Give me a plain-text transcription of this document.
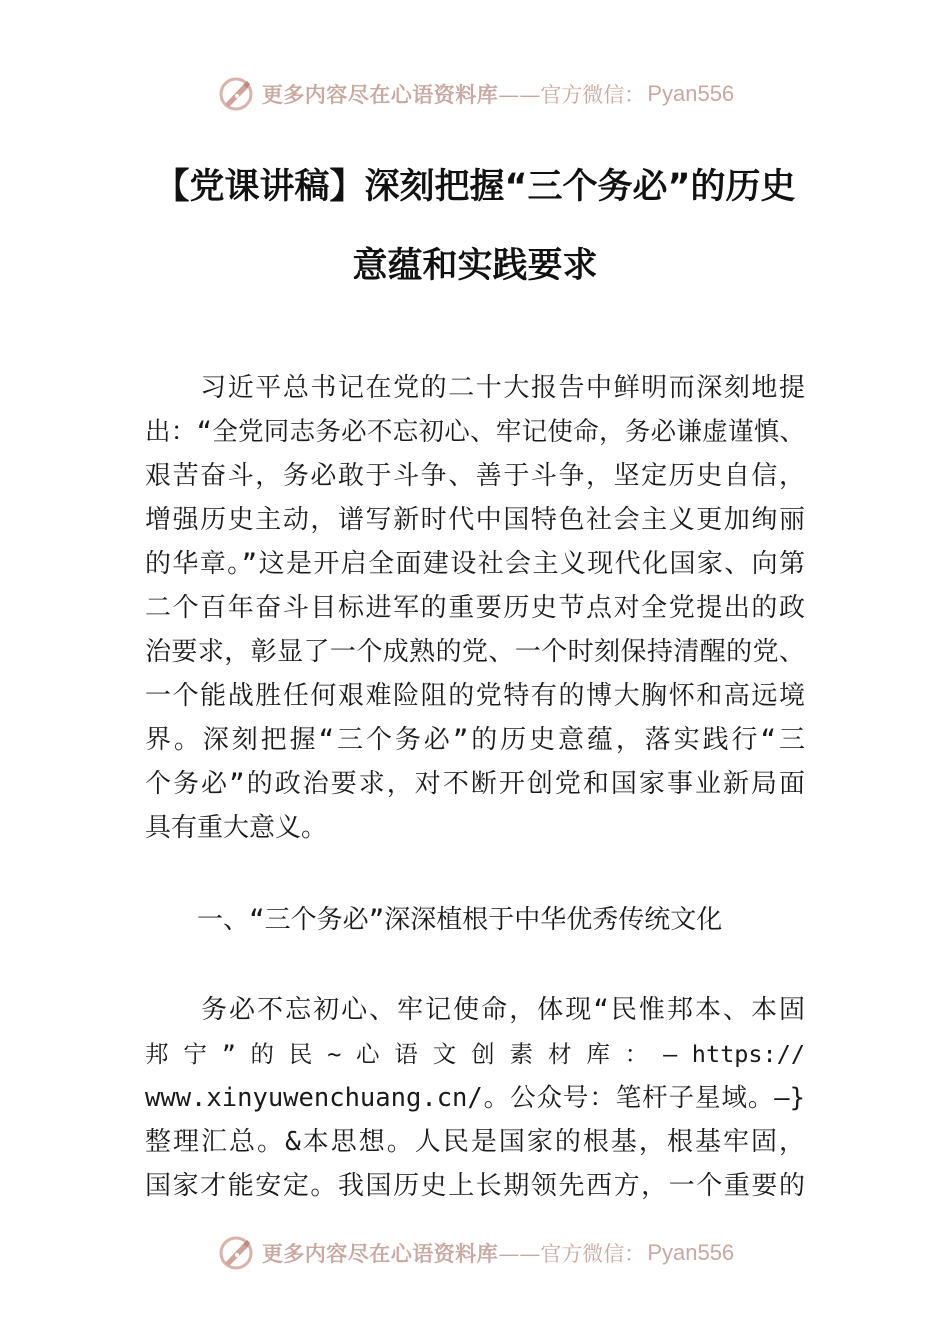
更多内容尽在心语资料库 ——官方微信： Pyan556
【党课讲稿】深刻把握“三个务必”的历史
意蕴和实践要求

　　习近平总书记在党的二十大报告中鲜明而深刻地提
出：“全党同志务必不忘初心、牢记使命，务必谦虚谨慎、
艰苦奋斗，务必敢于斗争、善于斗争，坚定历史自信，
增强历史主动，谱写新时代中国特色社会主义更加绚丽
的华章。”这是开启全面建设社会主义现代化国家、向第
二个百年奋斗目标进军的重要历史节点对全党提出的政
治要求，彰显了一个成熟的党、一个时刻保持清醒的党、
一个能战胜任何艰难险阻的党特有的博大胸怀和高远境
界。深刻把握“三个务必”的历史意蕴，落实践行“三
个务必”的政治要求，对不断开创党和国家事业新局面
具有重大意义。

　　一、“三个务必”深深植根于中华优秀传统文化

　　务必不忘初心、牢记使命，体现“民惟邦本、本固
邦 宁 ” 的 民 ~ 心 语 文 创 素 材 库 ： — https://
www.xinyuwenchuang.cn/。公众号：笔杆子星域。—}
整理汇总。&本思想。人民是国家的根基，根基牢固，
国家才能安定。我国历史上长期领先西方，一个重要的

更多内容尽在心语资料库 ——官方微信： Pyan556
